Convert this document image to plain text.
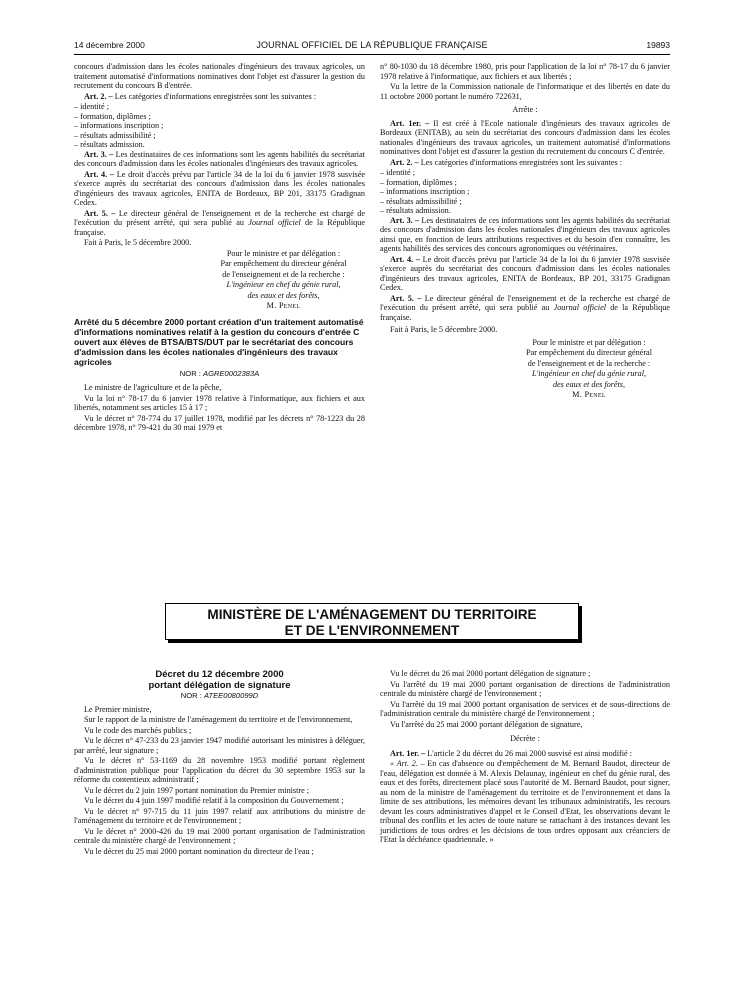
14 décembre 2000	JOURNAL OFFICIEL DE LA RÉPUBLIQUE FRANÇAISE	19893

concours d'admission dans les écoles nationales d'ingénieurs des travaux agricoles, un traitement automatisé d'informations nominatives dont l'objet est d'assurer la gestion du recrutement du concours B d'entrée.

Art. 2. – Les catégories d'informations enregistrées sont les suivantes :

– identité ;

– formation, diplômes ;

– informations inscription ;

– résultats admissibilité ;

– résultats admission.

Art. 3. – Les destinataires de ces informations sont les agents habilités du secrétariat des concours d'admission dans les écoles nationales d'ingénieurs des travaux agricoles.

Art. 4. – Le droit d'accès prévu par l'article 34 de la loi du 6 janvier 1978 susvisée s'exerce auprès du secrétariat des concours d'admission dans les écoles nationales d'ingénieurs des travaux agricoles, ENITA de Bordeaux, BP 201, 33175 Gradignan Cedex.

Art. 5. – Le directeur général de l'enseignement et de la recherche est chargé de l'exécution du présent arrêté, qui sera publié au Journal officiel de la République française.

Fait à Paris, le 5 décembre 2000.

Pour le ministre et par délégation :

Par empêchement du directeur général

de l'enseignement et de la recherche :

L'ingénieur en chef du génie rural,

des eaux et des forêts,

M. Penel

Arrêté du 5 décembre 2000 portant création d'un traitement automatisé d'informations nominatives relatif à la gestion du concours d'entrée C ouvert aux élèves de BTSA/BTS/DUT par le secrétariat des concours d'admission dans les écoles nationales d'ingénieurs des travaux agricoles

NOR : AGRE0002383A

Le ministre de l'agriculture et de la pêche,

Vu la loi n° 78-17 du 6 janvier 1978 relative à l'informatique, aux fichiers et aux libertés, notamment ses articles 15 à 17 ;

Vu le décret n° 78-774 du 17 juillet 1978, modifié par les décrets n° 78-1223 du 28 décembre 1978, n° 79-421 du 30 mai 1979 et

n° 80-1030 du 18 décembre 1980, pris pour l'application de la loi n° 78-17 du 6 janvier 1978 relative à l'informatique, aux fichiers et aux libertés ;

Vu la lettre de la Commission nationale de l'informatique et des libertés en date du 11 octobre 2000 portant le numéro 722631,

Arrête :

Art. 1er. – Il est créé à l'Ecole nationale d'ingénieurs des travaux agricoles de Bordeaux (ENITAB), au sein du secrétariat des concours d'admission dans les écoles nationales d'ingénieurs des travaux agricoles, un traitement automatisé d'informations nominatives dont l'objet est d'assurer la gestion du recrutement du concours C d'entrée.

Art. 2. – Les catégories d'informations enregistrées sont les suivantes :

– identité ;

– formation, diplômes ;

– informations inscription ;

– résultats admissibilité ;

– résultats admission.

Art. 3. – Les destinataires de ces informations sont les agents habilités du secrétariat des concours d'admission dans les écoles nationales d'ingénieurs des travaux agricoles ainsi que, en fonction de leurs attributions respectives et du besoin d'en connaître, les agents habilités des services des concours agronomiques ou vétérinaires.

Art. 4. – Le droit d'accès prévu par l'article 34 de la loi du 6 janvier 1978 susvisée s'exerce auprès du secrétariat des concours d'admission dans les écoles nationales d'ingénieurs des travaux agricoles, ENITA de Bordeaux, BP 201, 33175 Gradignan Cedex.

Art. 5. – Le directeur général de l'enseignement et de la recherche est chargé de l'exécution du présent arrêté, qui sera publié au Journal officiel de la République française.

Fait à Paris, le 5 décembre 2000.

Pour le ministre et par délégation :

Par empêchement du directeur général

de l'enseignement et de la recherche :

L'ingénieur en chef du génie rural,

des eaux et des forêts,

M. Penel

MINISTÈRE DE L'AMÉNAGEMENT DU TERRITOIRE
ET DE L'ENVIRONNEMENT

Décret du 12 décembre 2000

portant délégation de signature

NOR : ATEE0080099D

Le Premier ministre,

Sur le rapport de la ministre de l'aménagement du territoire et de l'environnement,

Vu le code des marchés publics ;

Vu le décret n° 47-233 du 23 janvier 1947 modifié autorisant les ministres à déléguer, par arrêté, leur signature ;

Vu le décret n° 53-1169 du 28 novembre 1953 modifié portant règlement d'administration publique pour l'application du décret du 30 septembre 1953 sur la réforme du contentieux administratif ;

Vu le décret du 2 juin 1997 portant nomination du Premier ministre ;

Vu le décret du 4 juin 1997 modifié relatif à la composition du Gouvernement ;

Vu le décret n° 97-715 du 11 juin 1997 relatif aux attributions du ministre de l'aménagement du territoire et de l'environnement ;

Vu le décret n° 2000-426 du 19 mai 2000 portant organisation de l'administration centrale du ministère chargé de l'environnement ;

Vu le décret du 25 mai 2000 portant nomination du directeur de l'eau ;

Vu le décret du 26 mai 2000 portant délégation de signature ;

Vu l'arrêté du 19 mai 2000 portant organisation de directions de l'administration centrale du ministère chargé de l'environnement ;

Vu l'arrêté du 19 mai 2000 portant organisation de services et de sous-directions de l'administration centrale du ministère chargé de l'environnement ;

Vu l'arrêté du 25 mai 2000 portant délégation de signature,

Décrète :

Art. 1er. – L'article 2 du décret du 26 mai 2000 susvisé est ainsi modifié :

« Art. 2. – En cas d'absence ou d'empêchement de M. Bernard Baudot, directeur de l'eau, délégation est donnée à M. Alexis Delaunay, ingénieur en chef du génie rural, des eaux et des forêts, directement placé sous l'autorité de M. Bernard Baudot, pour signer, au nom de la ministre de l'aménagement du territoire et de l'environnement et dans la limite de ses attributions, les mémoires devant les tribunaux administratifs, les recours devant les cours administratives d'appel et le Conseil d'Etat, les observations devant le tribunal des conflits et les actes de toute nature se rattachant à des instances devant les juridictions de tous ordres et les décisions de tous ordres opposant aux créanciers de l'Etat la déchéance quadriennale. »
